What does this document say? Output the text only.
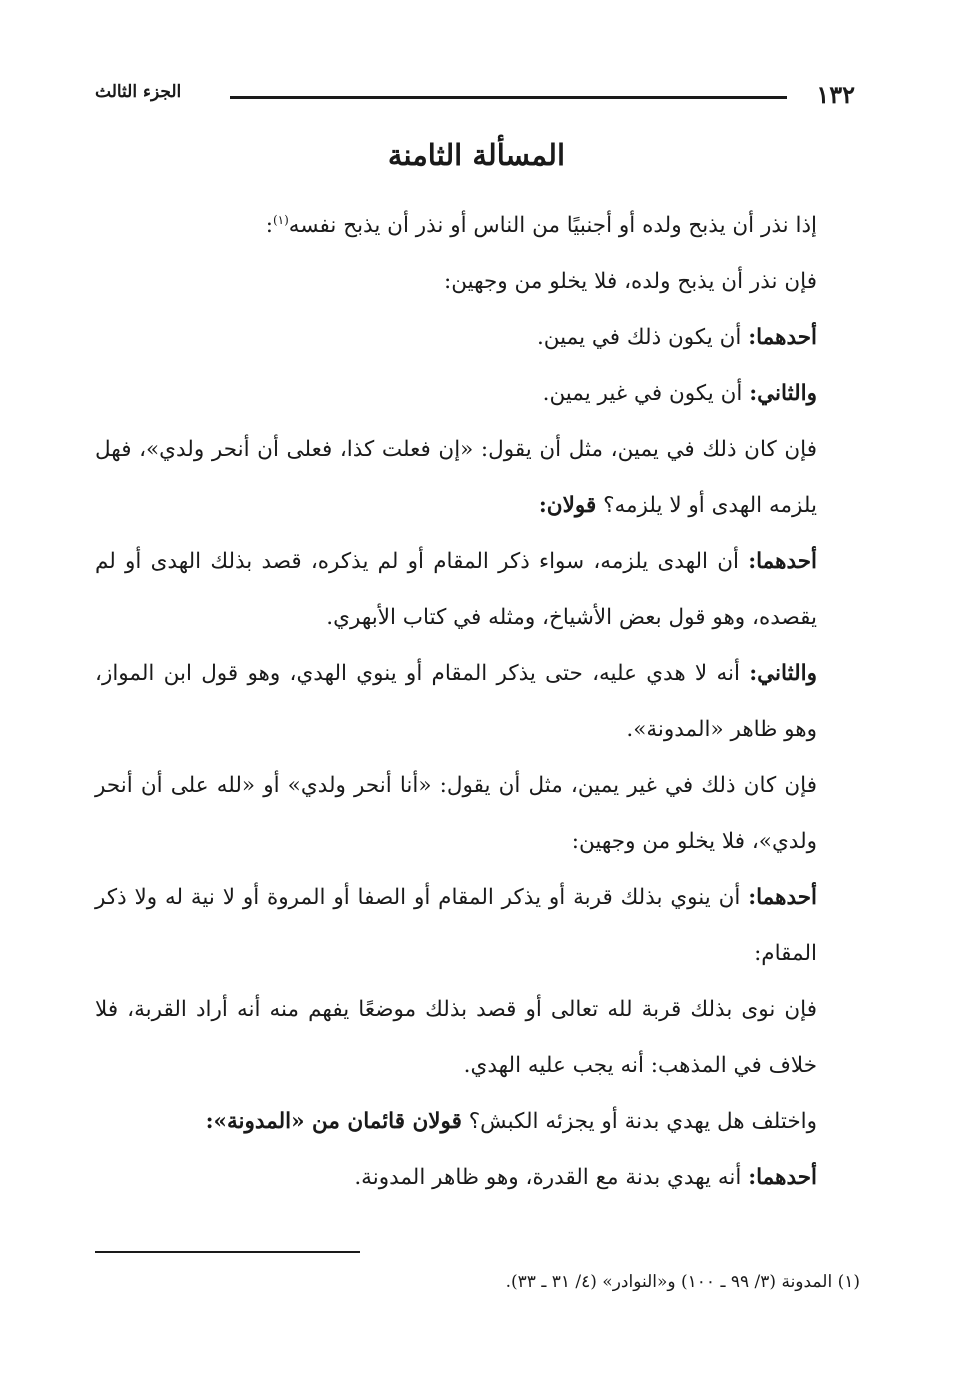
١٣٢
الجزء الثالث
المسألة الثامنة

إذا نذر أن يذبح ولده أو أجنبيًا من الناس أو نذر أن يذبح نفسه$^{(١)}$:

فإن نذر أن يذبح ولده، فلا يخلو من وجهين:

أحدهما: أن يكون ذلك في يمين.

والثاني: أن يكون في غير يمين.

فإن كان ذلك في يمين، مثل أن يقول: «إن فعلت كذا، فعلى أن أنحر ولدي»، فهل يلزمه الهدى أو لا يلزمه؟ قولان:

أحدهما: أن الهدى يلزمه، سواء ذكر المقام أو لم يذكره، قصد بذلك الهدى أو لم يقصده، وهو قول بعض الأشياخ، ومثله في كتاب الأبهري.

والثاني: أنه لا هدي عليه، حتى يذكر المقام أو ينوي الهدي، وهو قول ابن المواز، وهو ظاهر «المدونة».

فإن كان ذلك في غير يمين، مثل أن يقول: «أنا أنحر ولدي» أو «لله على أن أنحر ولدي»، فلا يخلو من وجهين:

أحدهما: أن ينوي بذلك قربة أو يذكر المقام أو الصفا أو المروة أو لا نية له ولا ذكر المقام:

فإن نوى بذلك قربة لله تعالى أو قصد بذلك موضعًا يفهم منه أنه أراد القربة، فلا خلاف في المذهب: أنه يجب عليه الهدي.

واختلف هل يهدي بدنة أو يجزئه الكبش؟ قولان قائمان من «المدونة»:

أحدهما: أنه يهدي بدنة مع القدرة، وهو ظاهر المدونة.

(١) المدونة (٣/ ٩٩ ـ ١٠٠) و«النوادر» (٤/ ٣١ ـ ٣٣).
